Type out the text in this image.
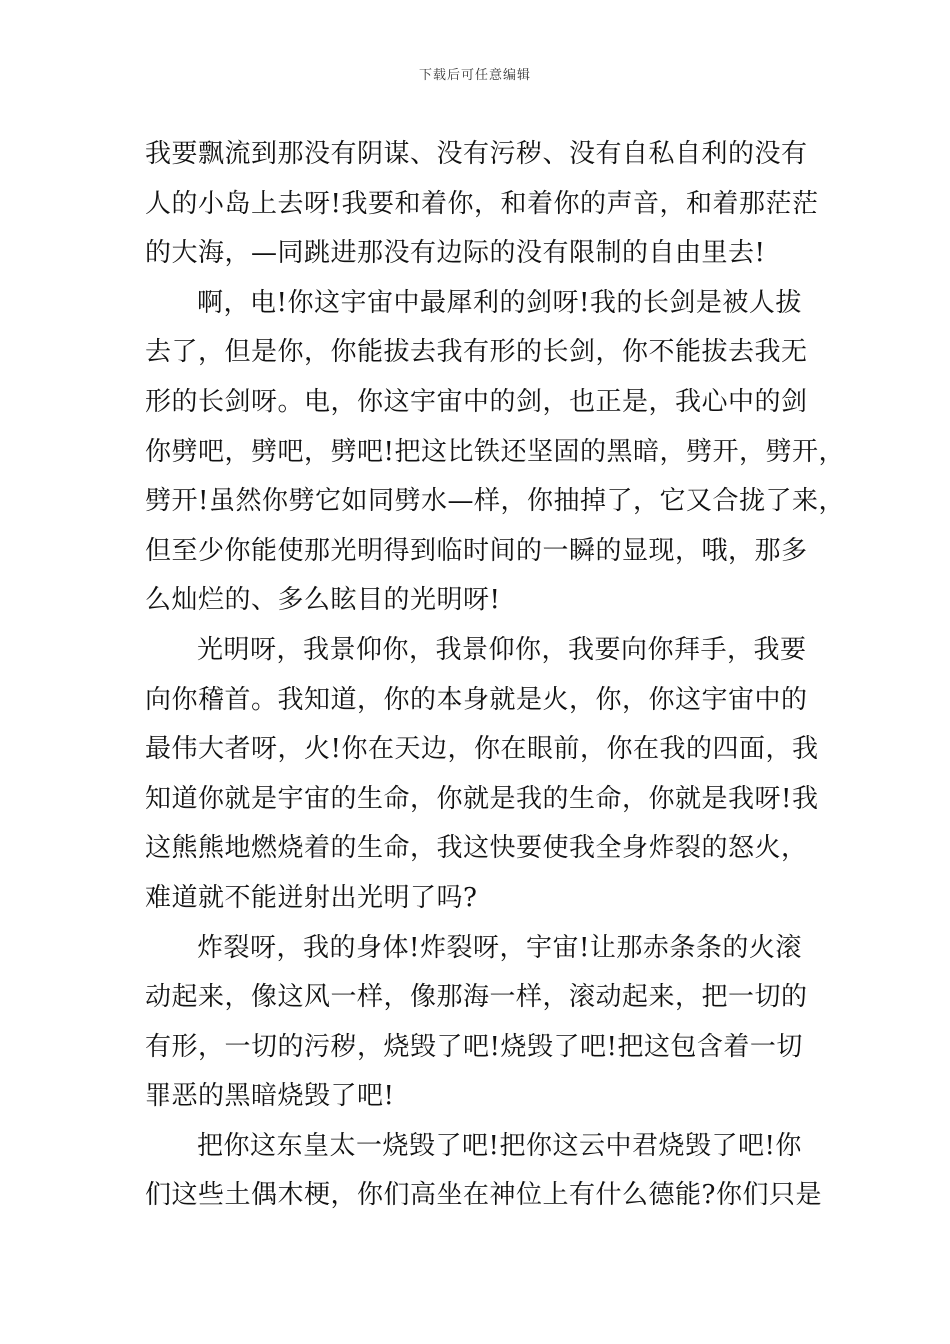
下载后可任意编辑
我要飘流到那没有阴谋、没有污秽、没有自私自利的没有
人的小岛上去呀!我要和着你，和着你的声音，和着那茫茫
的大海，—同跳进那没有边际的没有限制的自由里去!
啊，电!你这宇宙中最犀利的剑呀!我的长剑是被人拔
去了，但是你，你能拔去我有形的长剑，你不能拔去我无
形的长剑呀。电，你这宇宙中的剑，也正是，我心中的剑
你劈吧，劈吧，劈吧!把这比铁还坚固的黑暗，劈开，劈开，
劈开!虽然你劈它如同劈水—样，你抽掉了，它又合拢了来，
但至少你能使那光明得到临时间的一瞬的显现，哦，那多
么灿烂的、多么眩目的光明呀!
光明呀，我景仰你，我景仰你，我要向你拜手，我要
向你稽首。我知道，你的本身就是火，你，你这宇宙中的
最伟大者呀，火!你在天边，你在眼前，你在我的四面，我
知道你就是宇宙的生命，你就是我的生命，你就是我呀!我
这熊熊地燃烧着的生命，我这快要使我全身炸裂的怒火，
难道就不能迸射出光明了吗?
炸裂呀，我的身体!炸裂呀，宇宙!让那赤条条的火滚
动起来，像这风一样，像那海一样，滚动起来，把一切的
有形，一切的污秽，烧毁了吧!烧毁了吧!把这包含着一切
罪恶的黑暗烧毁了吧!
把你这东皇太一烧毁了吧!把你这云中君烧毁了吧!你
们这些土偶木梗，你们高坐在神位上有什么德能?你们只是
